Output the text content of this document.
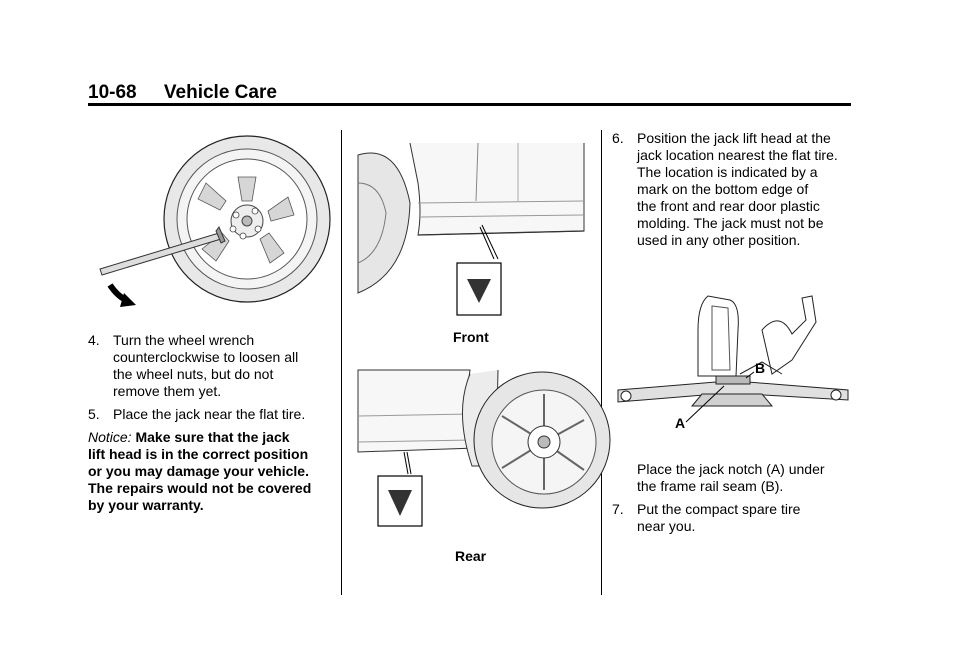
10-68 Vehicle Care
4. Turn the wheel wrench
counterclockwise to loosen all
the wheel nuts, but do not
remove them yet.
5. Place the jack near the flat tire.
Notice: Make sure that the jack
lift head is in the correct position
or you may damage your vehicle.
The repairs would not be covered
by your warranty.
Front
Rear
6. Position the jack lift head at the
jack location nearest the flat tire.
The location is indicated by a
mark on the bottom edge of
the front and rear door plastic
molding. The jack must not be
used in any other position.
A
B
Place the jack notch (A) under
the frame rail seam (B).
7. Put the compact spare tire
near you.
